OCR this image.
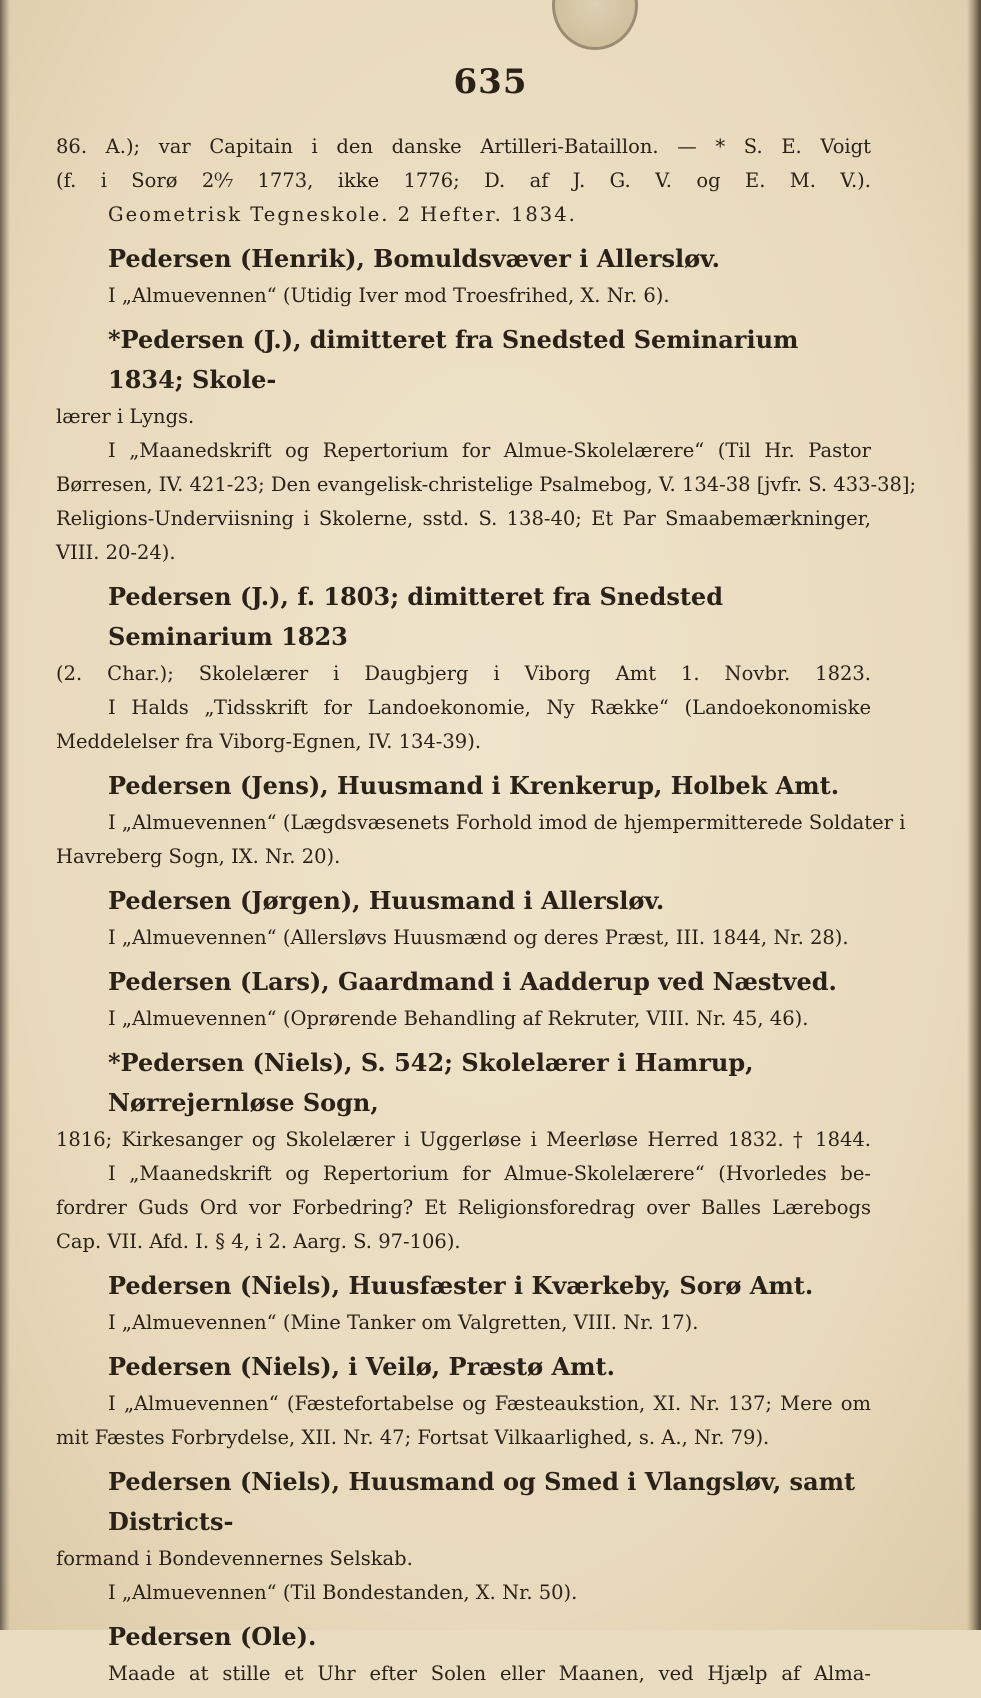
635
86. A.); var Capitain i den danske Artilleri-Bataillon. — * S. E. Voigt
(f. i Sorø 2⁰⁄₇ 1773, ikke 1776; D. af J. G. V. og E. M. V.).
Geometrisk Tegneskole. 2 Hefter. 1834.
Pedersen (Henrik), Bomuldsvæver i Allersløv.
I „Almuevennen“ (Utidig Iver mod Troesfrihed, X. Nr. 6).
*Pedersen (J.), dimitteret fra Snedsted Seminarium 1834; Skole-
lærer i Lyngs.
I „Maanedskrift og Repertorium for Almue-Skolelærere“ (Til Hr. Pastor
Børresen, IV. 421-23; Den evangelisk-christelige Psalmebog, V. 134-38 [jvfr. S. 433-38];
Religions-Underviisning i Skolerne, sstd. S. 138-40; Et Par Smaabemærkninger,
VIII. 20-24).
Pedersen (J.), f. 1803; dimitteret fra Snedsted Seminarium 1823
(2. Char.); Skolelærer i Daugbjerg i Viborg Amt 1. Novbr. 1823.
I Halds „Tidsskrift for Landoekonomie, Ny Række“ (Landoekonomiske
Meddelelser fra Viborg-Egnen, IV. 134-39).
Pedersen (Jens), Huusmand i Krenkerup, Holbek Amt.
I „Almuevennen“ (Lægdsvæsenets Forhold imod de hjempermitterede Soldater i
Havreberg Sogn, IX. Nr. 20).
Pedersen (Jørgen), Huusmand i Allersløv.
I „Almuevennen“ (Allersløvs Huusmænd og deres Præst, III. 1844, Nr. 28).
Pedersen (Lars), Gaardmand i Aadderup ved Næstved.
I „Almuevennen“ (Oprørende Behandling af Rekruter, VIII. Nr. 45, 46).
*Pedersen (Niels), S. 542; Skolelærer i Hamrup, Nørrejernløse Sogn,
1816; Kirkesanger og Skolelærer i Uggerløse i Meerløse Herred 1832. † 1844.
I „Maanedskrift og Repertorium for Almue-Skolelærere“ (Hvorledes be-
fordrer Guds Ord vor Forbedring? Et Religionsforedrag over Balles Lærebogs
Cap. VII. Afd. I. § 4, i 2. Aarg. S. 97-106).
Pedersen (Niels), Huusfæster i Kværkeby, Sorø Amt.
I „Almuevennen“ (Mine Tanker om Valgretten, VIII. Nr. 17).
Pedersen (Niels), i Veilø, Præstø Amt.
I „Almuevennen“ (Fæstefortabelse og Fæsteaukstion, XI. Nr. 137; Mere om
mit Fæstes Forbrydelse, XII. Nr. 47; Fortsat Vilkaarlighed, s. A., Nr. 79).
Pedersen (Niels), Huusmand og Smed i Vlangsløv, samt Districts-
formand i Bondevennernes Selskab.
I „Almuevennen“ (Til Bondestanden, X. Nr. 50).
Pedersen (Ole).
Maade at stille et Uhr efter Solen eller Maanen, ved Hjælp af Alma-
